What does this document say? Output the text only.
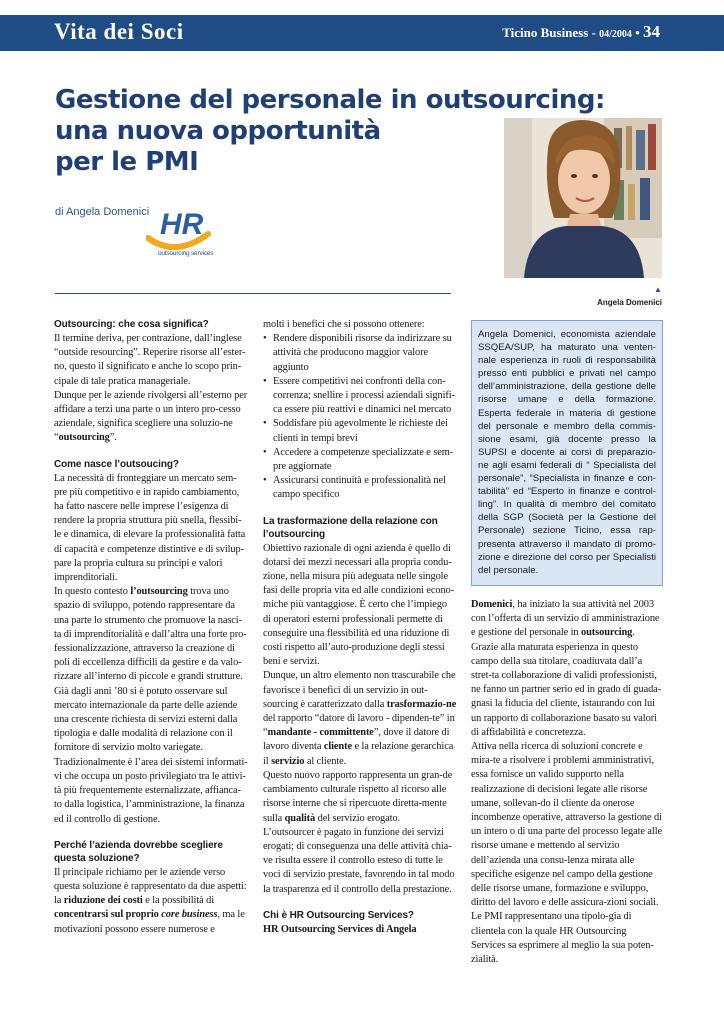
Vita dei Soci	Ticino Business - 04/2004 • 34
Gestione del personale in outsourcing:
una nuova opportunità
per le PMI
di Angela Domenici HR
outsourcing services
▲
Angela Domenici
Outsourcing: che cosa significa?

Il termine deriva, per contrazione, dall’inglese “outside resourcing”. Reperire risorse all’ester-no, questo il significato e anche lo scopo prin-cipale di tale pratica manageriale.

Dunque per le aziende rivolgersi all’esterno per affidare a terzi una parte o un intero pro-cesso aziendale, significa scegliere una soluzio-ne “outsourcing”.

Come nasce l’outsoucing?

La necessità di fronteggiare un mercato sem-pre più competitivo e in rapido cambiamento, ha fatto nascere nelle imprese l’esigenza di rendere la propria struttura più snella, flessibi-le e dinamica, di elevare la professionalità fatta di capacità e competenze distintive e di svilup-pare la propria cultura su principi e valori imprenditoriali.

In questo contesto l’outsourcing trova uno spazio di sviluppo, potendo rappresentare da una parte lo strumento che promuove la nasci-ta di imprenditorialità e dall’altra una forte pro-fessionalizzazione, attraverso la creazione di poli di eccellenza difficili da gestire e da valo-rizzare all’interno di piccole e grandi strutture.

Già dagli anni ’80 si è potuto osservare sul mercato internazionale da parte delle aziende una crescente richiesta di servizi esterni dalla tipologia e dalle modalità di relazione con il fornitore di servizio molto variegate. Tradizionalmente è l’area dei sistemi informati-vi che occupa un posto privilegiato tra le attivi-tà più frequentemente esternalizzate, affianca-to dalla logistica, l’amministrazione, la finanza ed il controllo di gestione.

Perché l’azienda dovrebbe scegliere questa soluzione?

Il principale richiamo per le aziende verso questa soluzione è rappresentato da due aspetti: la riduzione dei costi e la possibilità di concentrarsi sul proprio core business, ma le motivazioni possono essere numerose e

molti i benefici che si possono ottenere:

• Rendere disponibili risorse da indirizzare su attività che producono maggior valore aggiunto
• Essere competitivi nei confronti della con-correnza; snellire i processi aziendali signifi-ca essere più reattivi e dinamici nel mercato
• Soddisfare più agevolmente le richieste dei clienti in tempi brevi
• Accedere a competenze specializzate e sem-pre aggiornate
• Assicurarsi continuità e professionalità nel campo specifico
La trasformazione della relazione con l’outsourcing

Obiettivo razionale di ogni azienda è quello di dotarsi dei mezzi necessari alla propria condu-zione, nella misura più adeguata nelle singole fasi delle propria vita ed alle condizioni econo-miche più vantaggiose. È certo che l’impiego di operatori esterni professionali permette di conseguire una flessibilità ed una riduzione di costi rispetto all’auto-produzione degli stessi beni e servizi.

Dunque, un altro elemento non trascurabile che favorisce i benefici di un servizio in out-sourcing è caratterizzato dalla trasformazio-ne del rapporto “datore di lavoro - dipenden-te” in “mandante - committente”, dove il datore di lavoro diventa cliente e la relazione gerarchica il servizio al cliente.

Questo nuovo rapporto rappresenta un gran-de cambiamento culturale rispetto al ricorso alle risorse interne che si ripercuote diretta-mente sulla qualità del servizio erogato.

L’outsourcer è pagato in funzione dei servizi erogati; di conseguenza una delle attività chia-ve risulta essere il controllo esteso di tutte le voci di servizio prestate, favorendo in tal modo la trasparenza ed il controllo della prestazione.

Chi è HR Outsourcing Services?

HR Outsourcing Services di Angela

Angela Domenici, economista aziendale SSQEA/SUP, ha maturato una venten-nale esperienza in ruoli di responsabilità presso enti pubblici e privati nel campo dell’amministrazione, della gestione delle risorse umane e della formazione. Esperta federale in materia di gestione del personale e membro della commis-sione esami, già docente presso la SUPSI e docente ai corsi di preparazio-ne agli esami federali di “ Specialista del personale”, “Specialista in finanze e con-tabilità” ed “Esperto in finanze e control-ling”. In qualità di membro del comitato della SGP (Società per la Gestione del Personale) sezione Ticino, essa rap-presenta attraverso il mandato di promo-zione e direzione del corso per Specialisti del personale.

Domenici, ha iniziato la sua attività nel 2003 con l’offerta di un servizio di amministrazione e gestione del personale in outsourcing. Grazie alla maturata esperienza in questo campo della sua titolare, coadiuvata dall’a stret-ta collaborazione di validi professionisti, ne fanno un partner serio ed in grado di guada-gnasi la fiducia del cliente, istaurando con lui un rapporto di collaborazione basato su valori di affidabilità e concretezza.

Attiva nella ricerca di soluzioni concrete e mira-te a risolvere i problemi amministrativi, essa fornisce un valido supporto nella realizzazione di decisioni legate alle risorse umane, sollevan-do il cliente da onerose incombenze operative, attraverso la gestione di un intero o di una parte del processo legate alle risorse umane e mettendo al servizio dell’azienda una consu-lenza mirata alle specifiche esigenze nel campo della gestione delle risorse umane, formazione e sviluppo, diritto del lavoro e delle assicura-zioni sociali. Le PMI rappresentano una tipolo-gia di clientela con la quale HR Outsourcing Services sa esprimere al meglio la sua poten-zialità.
